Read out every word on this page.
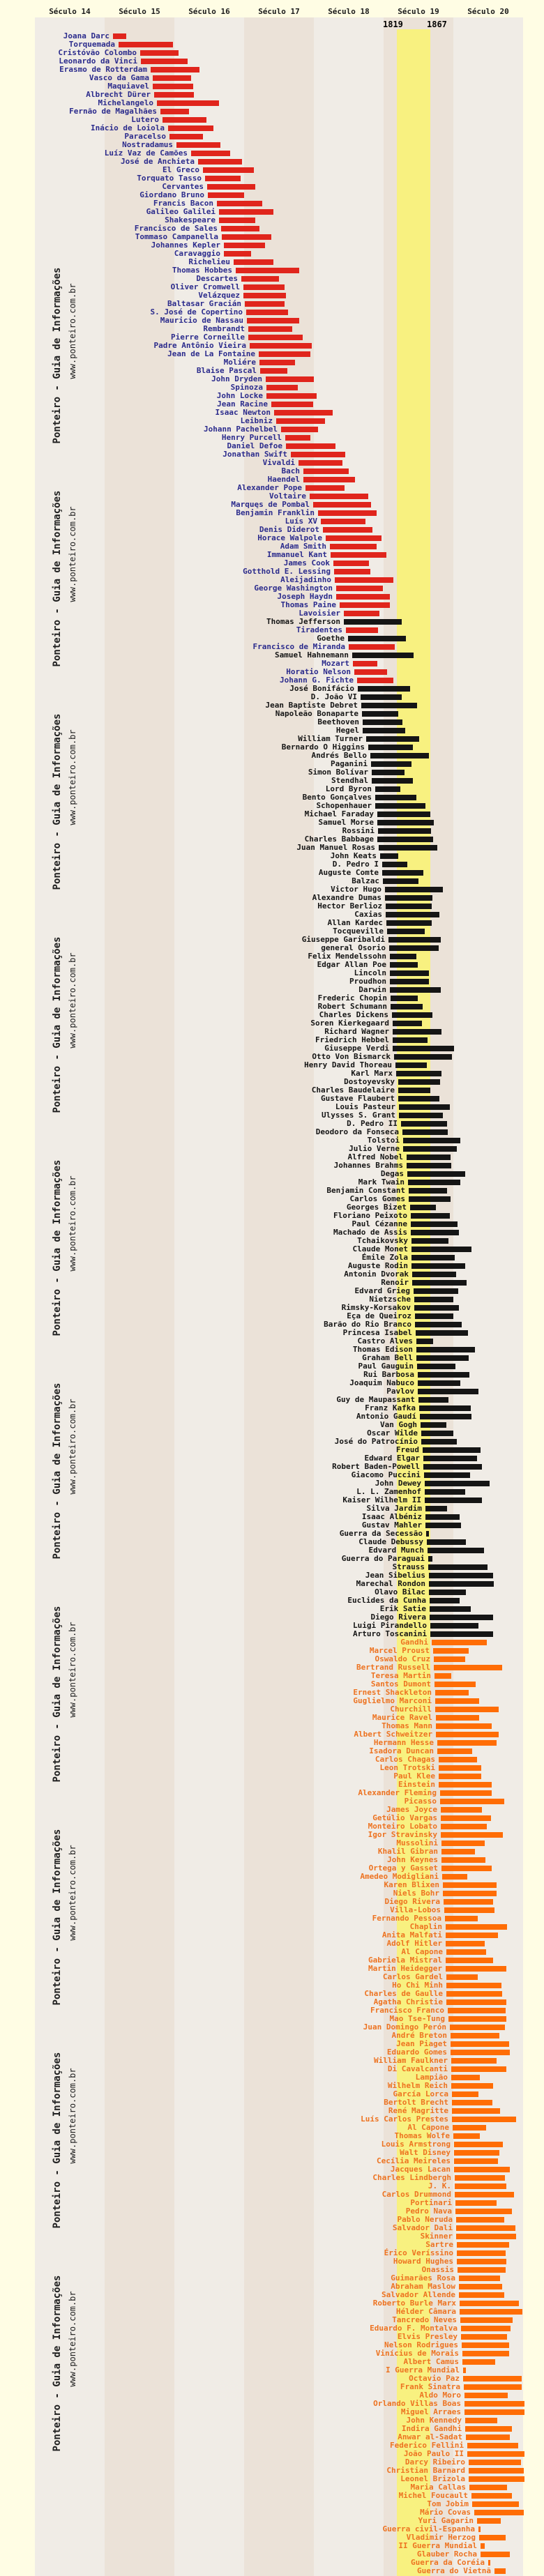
Século 14	Século 15	Século 16	Século 17	Século 18	Século 19	Século 20
1819	1867
Joana Darc
Torquemada
Cristóvão Colombo
Leonardo da Vinci
Erasmo de Rotterdam
Vasco da Gama
Maquiavel
Albrecht Dürer
Michelangelo
Fernão de Magalhães
Lutero
Inácio de Loiola
Paracelso
Nostradamus
Luíz Vaz de Camões
José de Anchieta
El Greco
Torquato Tasso
Cervantes
Giordano Bruno
Francis Bacon
Galileo Galilei
Shakespeare
Francisco de Sales
Tommaso Campanella
Johannes Kepler
Caravaggio
Richelieu
Thomas Hobbes
Descartes
Oliver Cromwell
Velázquez
Baltasar Gracián
S. José de Copertino
Mauricio de Nassau
Rembrandt
Pierre Corneille
Padre Antônio Vieira
Jean de La Fontaine
Moliére
Blaise Pascal
John Dryden
Spinoza
John Locke
Jean Racine
Isaac Newton
Leibniz
Johann Pachelbel
Henry Purcell
Daniel Defoe
Jonathan Swift
Vivaldi
Bach
Haendel
Alexander Pope
Voltaire
Marquęs de Pombal
Benjamin Franklin
Luís XV
Denis Diderot
Horace Walpole
Adam Smith
Immanuel Kant
James Cook
Gotthold E. Lessing
Aleijadinho
George Washington
Joseph Haydn
Thomas Paine
Lavoisier
Thomas Jefferson
Tiradentes
Goethe
Francisco de Miranda
Samuel Hahnemann
Mozart
Horatio Nelson
Johann G. Fichte
José Bonifácio
D. João VI
Jean Baptiste Debret
Napoleão Bonaparte
Beethoven
Hegel
William Turner
Bernardo O Higgins
Andrés Bello
Paganini
Simon Bolívar
Stendhal
Lord Byron
Bento Gonçalves
Schopenhauer
Michael Faraday
Samuel Morse
Rossini
Charles Babbage
Juan Manuel Rosas
John Keats
D. Pedro I
Auguste Comte
Balzac
Victor Hugo
Alexandre Dumas
Hector Berlioz
Caxias
Allan Kardec
Tocqueville
Giuseppe Garibaldi
general Osorio
Felix Mendelssohn
Edgar Allan Poe
Lincoln
Proudhon
Darwin
Frederic Chopin
Robert Schumann
Charles Dickens
Soren Kierkegaard
Richard Wagner
Friedrich Hebbel
Giuseppe Verdi
Otto Von Bismarck
Henry David Thoreau
Karl Marx
Dostoyevsky
Charles Baudelaire
Gustave Flaubert
Louis Pasteur
Ulysses S. Grant
D. Pedro II
Deodoro da Fonseca
Tolstoi
Julio Verne
Alfred Nobel
Johannes Brahms
Degas
Mark Twain
Benjamin Constant
Carlos Gomes
Georges Bizet
Floriano Peixoto
Paul Cézanne
Machado de Assis
Tchaikovsky
Claude Monet
Émile Zola
Auguste Rodin
Antonin Dvorak
Renoir
Edvard Grieg
Nietzsche
Rimsky-Korsakov
Eça de Queiroz
Barão do Rio Branco
Princesa Isabel
Castro Alves
Thomas Edison
Graham Bell
Paul Gauguin
Rui Barbosa
Joaquim Nabuco
Pavlov
Guy de Maupassant
Franz Kafka
Antonio Gaudí
Van Gogh
Oscar Wilde
José do Patrocínio
Freud
Edward Elgar
Robert Baden-Powell
Giacomo Puccini
John Dewey
L. L. Zamenhof
Kaiser Wilhelm II
Silva Jardim
Isaac Albéniz
Gustav Mahler
Guerra da Secessão
Claude Debussy
Edvard Munch
Guerra do Paraguai
Strauss
Jean Sibelius
Marechal Rondon
Olavo Bilac
Euclides da Cunha
Erik Satie
Diego Rivera
Luigi Pirandello
Arturo Toscanini
Gandhi
Marcel Proust
Oswaldo Cruz
Bertrand Russell
Teresa Martin
Santos Dumont
Ernest Shackleton
Guglielmo Marconi
Churchill
Maurice Ravel
Thomas Mann
Albert Schweitzer
Hermann Hesse
Isadora Duncan
Carlos Chagas
Leon Trotski
Paul Klee
Einstein
Alexander Fleming
Picasso
James Joyce
Getúlio Vargas
Monteiro Lobato
Igor Stravinsky
Mussolini
Khalil Gibran
John Keynes
Ortega y Gasset
Amedeo Modigliani
Karen Blixen
Niels Bohr
Diego Rivera
Villa-Lobos
Fernando Pessoa
Chaplin
Anita Malfati
Adolf Hitler
Al Capone
Gabriela Mistral
Martin Heidegger
Carlos Gardel
Ho Chi Minh
Charles de Gaulle
Agatha Christie
Francisco Franco
Mao Tse-Tung
Juan Domingo Perón
André Breton
Jean Piaget
Eduardo Gomes
William Faulkner
Di Cavalcanti
Lampião
Wilhelm Reich
García Lorca
Bertolt Brecht
René Magritte
Luís Carlos Prestes
Al Capone
Thomas Wolfe
Louis Armstrong
Walt Disney
Cecília Meireles
Jacques Lacan
Charles Lindbergh
J. K.
Carlos Drummond
Portinari
Pedro Nava
Pablo Neruda
Salvador Dali
Skinner
Sartre
Érico Veríssino
Howard Hughes
Onassis
Guimarães Rosa
Abraham Maslow
Salvador Allende
Roberto Burle Marx
Hélder Câmara
Tancredo Neves
Eduardo F. Montalva
Elvis Presley
Nelson Rodrigues
Vinícius de Morais
Albert Camus
I Guerra Mundial
Octavio Paz
Frank Sinatra
Aldo Moro
Orlando Villas Boas
Miguel Arraes
John Kennedy
Indira Gandhi
Anwar al-Sadat
Federico Fellini
João Paulo II
Darcy Ribeiro
Christian Barnard
Leonel Brizola
Maria Callas
Michel Foucault
Tom Jobim
Mário Covas
Yuri Gagarin
Guerra civil-Espanha
Vladimir Herzog
II Guerra Mundial
Glauber Rocha
Guerra da Coréia
Guerra do Vietnã
Ponteiro - Guia de Informações www.ponteiro.com.br
Ponteiro - Guia de Informações www.ponteiro.com.br
Ponteiro - Guia de Informações www.ponteiro.com.br
Ponteiro - Guia de Informações www.ponteiro.com.br
Ponteiro - Guia de Informações www.ponteiro.com.br
Ponteiro - Guia de Informações www.ponteiro.com.br
Ponteiro - Guia de Informações www.ponteiro.com.br
Ponteiro - Guia de Informações www.ponteiro.com.br
Ponteiro - Guia de Informações www.ponteiro.com.br
Ponteiro - Guia de Informações www.ponteiro.com.br
